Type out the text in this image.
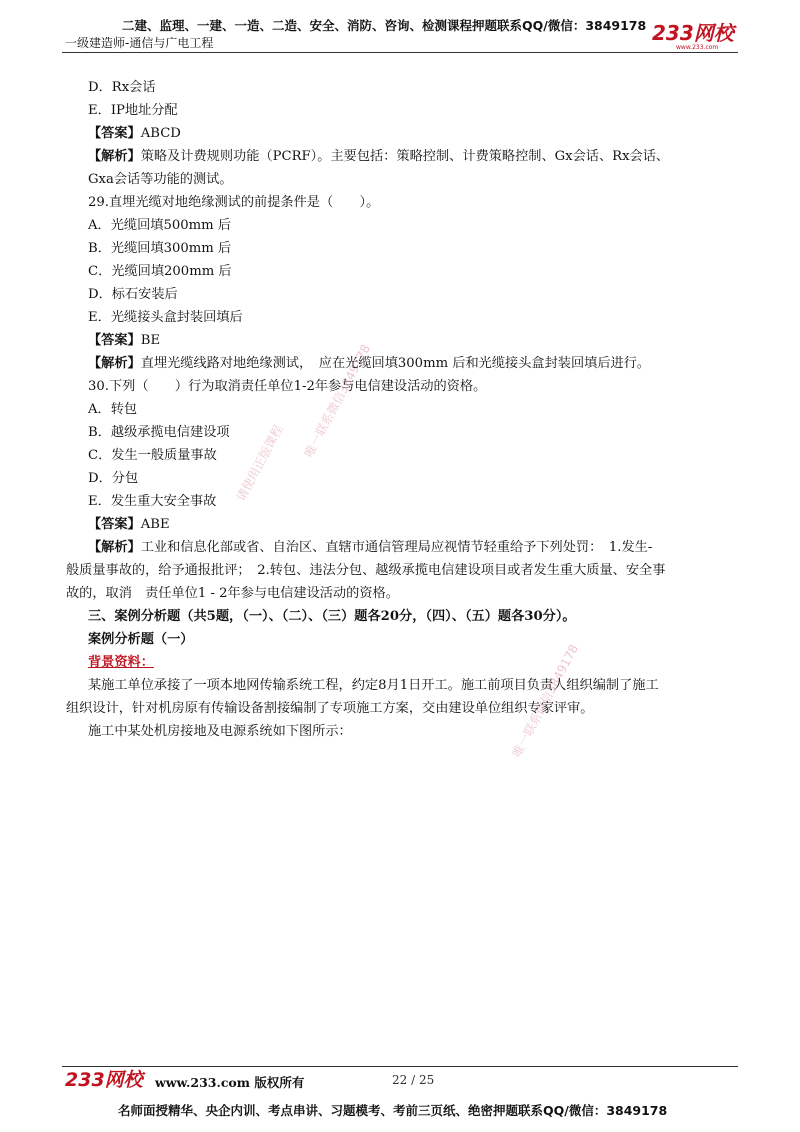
二建、监理、一建、一造、二造、安全、消防、咨询、检测课程押题联系QQ/微信：3849178
一级建造师-通信与广电工程	233网校
www.233.com
请使用正版课程
唯一联系微信3849178
唯一联系微信3849178
D．Rx会话
E．IP地址分配
【答案】ABCD
【解析】策略及计费规则功能（PCRF）。主要包括：策略控制、计费策略控制、Gx会话、Rx会话、
Gxa会话等功能的测试。
29.直埋光缆对地绝缘测试的前提条件是（　　）。
A．光缆回填500mm 后
B．光缆回填300mm 后
C．光缆回填200mm 后
D．标石安装后
E．光缆接头盒封装回填后
【答案】BE
【解析】直埋光缆线路对地绝缘测试，　应在光缆回填300mm 后和光缆接头盒封装回填后进行。
30.下列（　　）行为取消责任单位1-2年参与电信建设活动的资格。
A．转包
B．越级承揽电信建设项
C．发生一般质量事故
D．分包
E．发生重大安全事故
【答案】ABE
【解析】工业和信息化部或省、自治区、直辖市通信管理局应视情节轻重给予下列处罚：　1.发生-
般质量事故的，给予通报批评；　2.转包、违法分包、越级承揽电信建设项目或者发生重大质量、安全事
故的，取消　责任单位1 - 2年参与电信建设活动的资格。
三、案例分析题（共5题，（一）、（二）、（三）题各20分，（四）、（五）题各30分）。
案例分析题（一）
背景资料：
某施工单位承接了一项本地网传输系统工程，约定8月1日开工。施工前项目负责人组织编制了施工
组织设计，针对机房原有传输设备割接编制了专项施工方案，交由建设单位组织专家评审。
施工中某处机房接地及电源系统如下图所示：
233网校 www.233.com 版权所有	22 / 25
名师面授精华、央企内训、考点串讲、习题模考、考前三页纸、绝密押题联系QQ/微信：3849178
